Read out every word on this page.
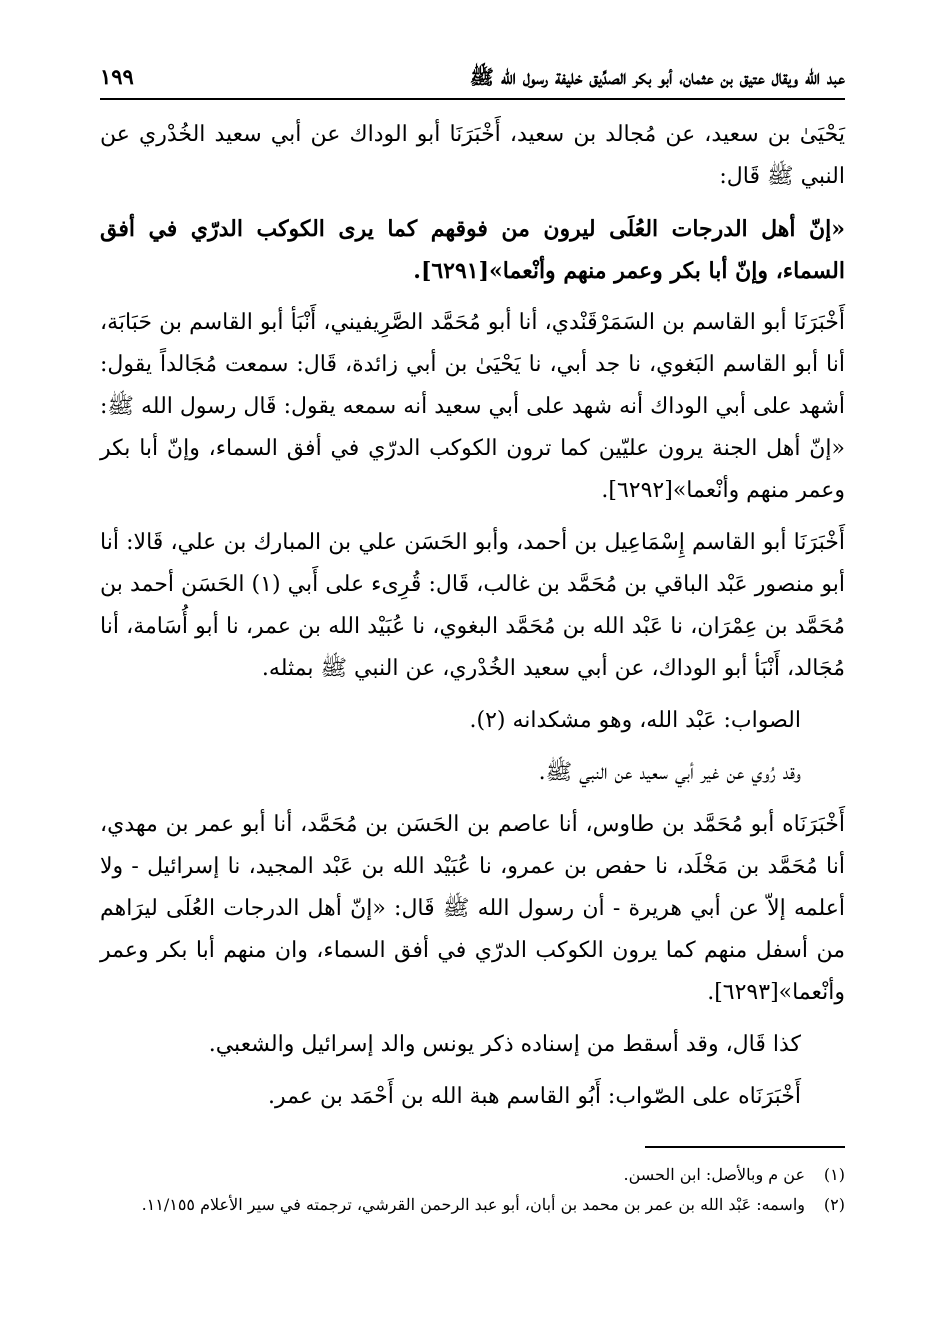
عبد الله ويقال عتيق بن عثمان، أبو بكر الصدِّيق خليفة رسول الله ﷺ
١٩٩

يَحْيَىٰ بن سعيد، عن مُجالد بن سعيد، أَخْبَرَنَا أبو الوداك عن أبي سعيد الخُدْري عن النبي ﷺ قَال:

«إنّ أهل الدرجات العُلَى ليرون من فوقهم كما يرى الكوكب الدرّي في أفق السماء، وإنّ أبا بكر وعمر منهم وأنْعما»[٦٢٩١].

أَخْبَرَنَا أبو القاسم بن السَمَرْقَنْدي، أنا أبو مُحَمَّد الصَّرِيفيني، أَنْبَأ أبو القاسم بن حَبَابَة، أنا أبو القاسم البَغوي، نا جد أبي، نا يَحْيَىٰ بن أبي زائدة، قَال: سمعت مُجَالداً يقول: أشهد على أبي الوداك أنه شهد على أبي سعيد أنه سمعه يقول: قَال رسول الله ﷺ: «إنّ أهل الجنة يرون عليّين كما ترون الكوكب الدرّي في أفق السماء، وإنّ أبا بكر وعمر منهم وأنْعما»[٦٢٩٢].

أَخْبَرَنَا أبو القاسم إِسْمَاعِيل بن أحمد، وأبو الحَسَن علي بن المبارك بن علي، قَالا: أنا أبو منصور عَبْد الباقي بن مُحَمَّد بن غالب، قَال: قُرِىء على أَبي (١) الحَسَن أحمد بن مُحَمَّد بن عِمْرَان، نا عَبْد الله بن مُحَمَّد البغوي، نا عُبَيْد الله بن عمر، نا أبو أُسَامة، أنا مُجَالد، أَنْبَأ أبو الوداك، عن أبي سعيد الخُدْري، عن النبي ﷺ بمثله.

الصواب: عَبْد الله، وهو مشكدانه (٢).

وقد رُوي عن غير أبي سعيد عن النبي ﷺ.

أَخْبَرَنَاه أبو مُحَمَّد بن طاوس، أنا عاصم بن الحَسَن بن مُحَمَّد، أنا أبو عمر بن مهدي، أنا مُحَمَّد بن مَخْلَد، نا حفص بن عمرو، نا عُبَيْد الله بن عَبْد المجيد، نا إسرائيل - ولا أعلمه إلاّ عن أبي هريرة - أن رسول الله ﷺ قَال: «إنّ أهل الدرجات العُلَى ليرَاهم من أسفل منهم كما يرون الكوكب الدرّي في أفق السماء، وان منهم أبا بكر وعمر وأنْعما»[٦٢٩٣].

كذا قَال، وقد أسقط من إسناده ذكر يونس والد إسرائيل والشعبي.

أَخْبَرَنَاه على الصّواب: أَبُو القاسم هبة الله بن أَحْمَد بن عمر.

(١)
عن م وبالأصل: ابن الحسن.
(٢)
واسمه: عَبْد الله بن عمر بن محمد بن أبان، أبو عبد الرحمن القرشي، ترجمته في سير الأعلام ١١/١٥٥.
